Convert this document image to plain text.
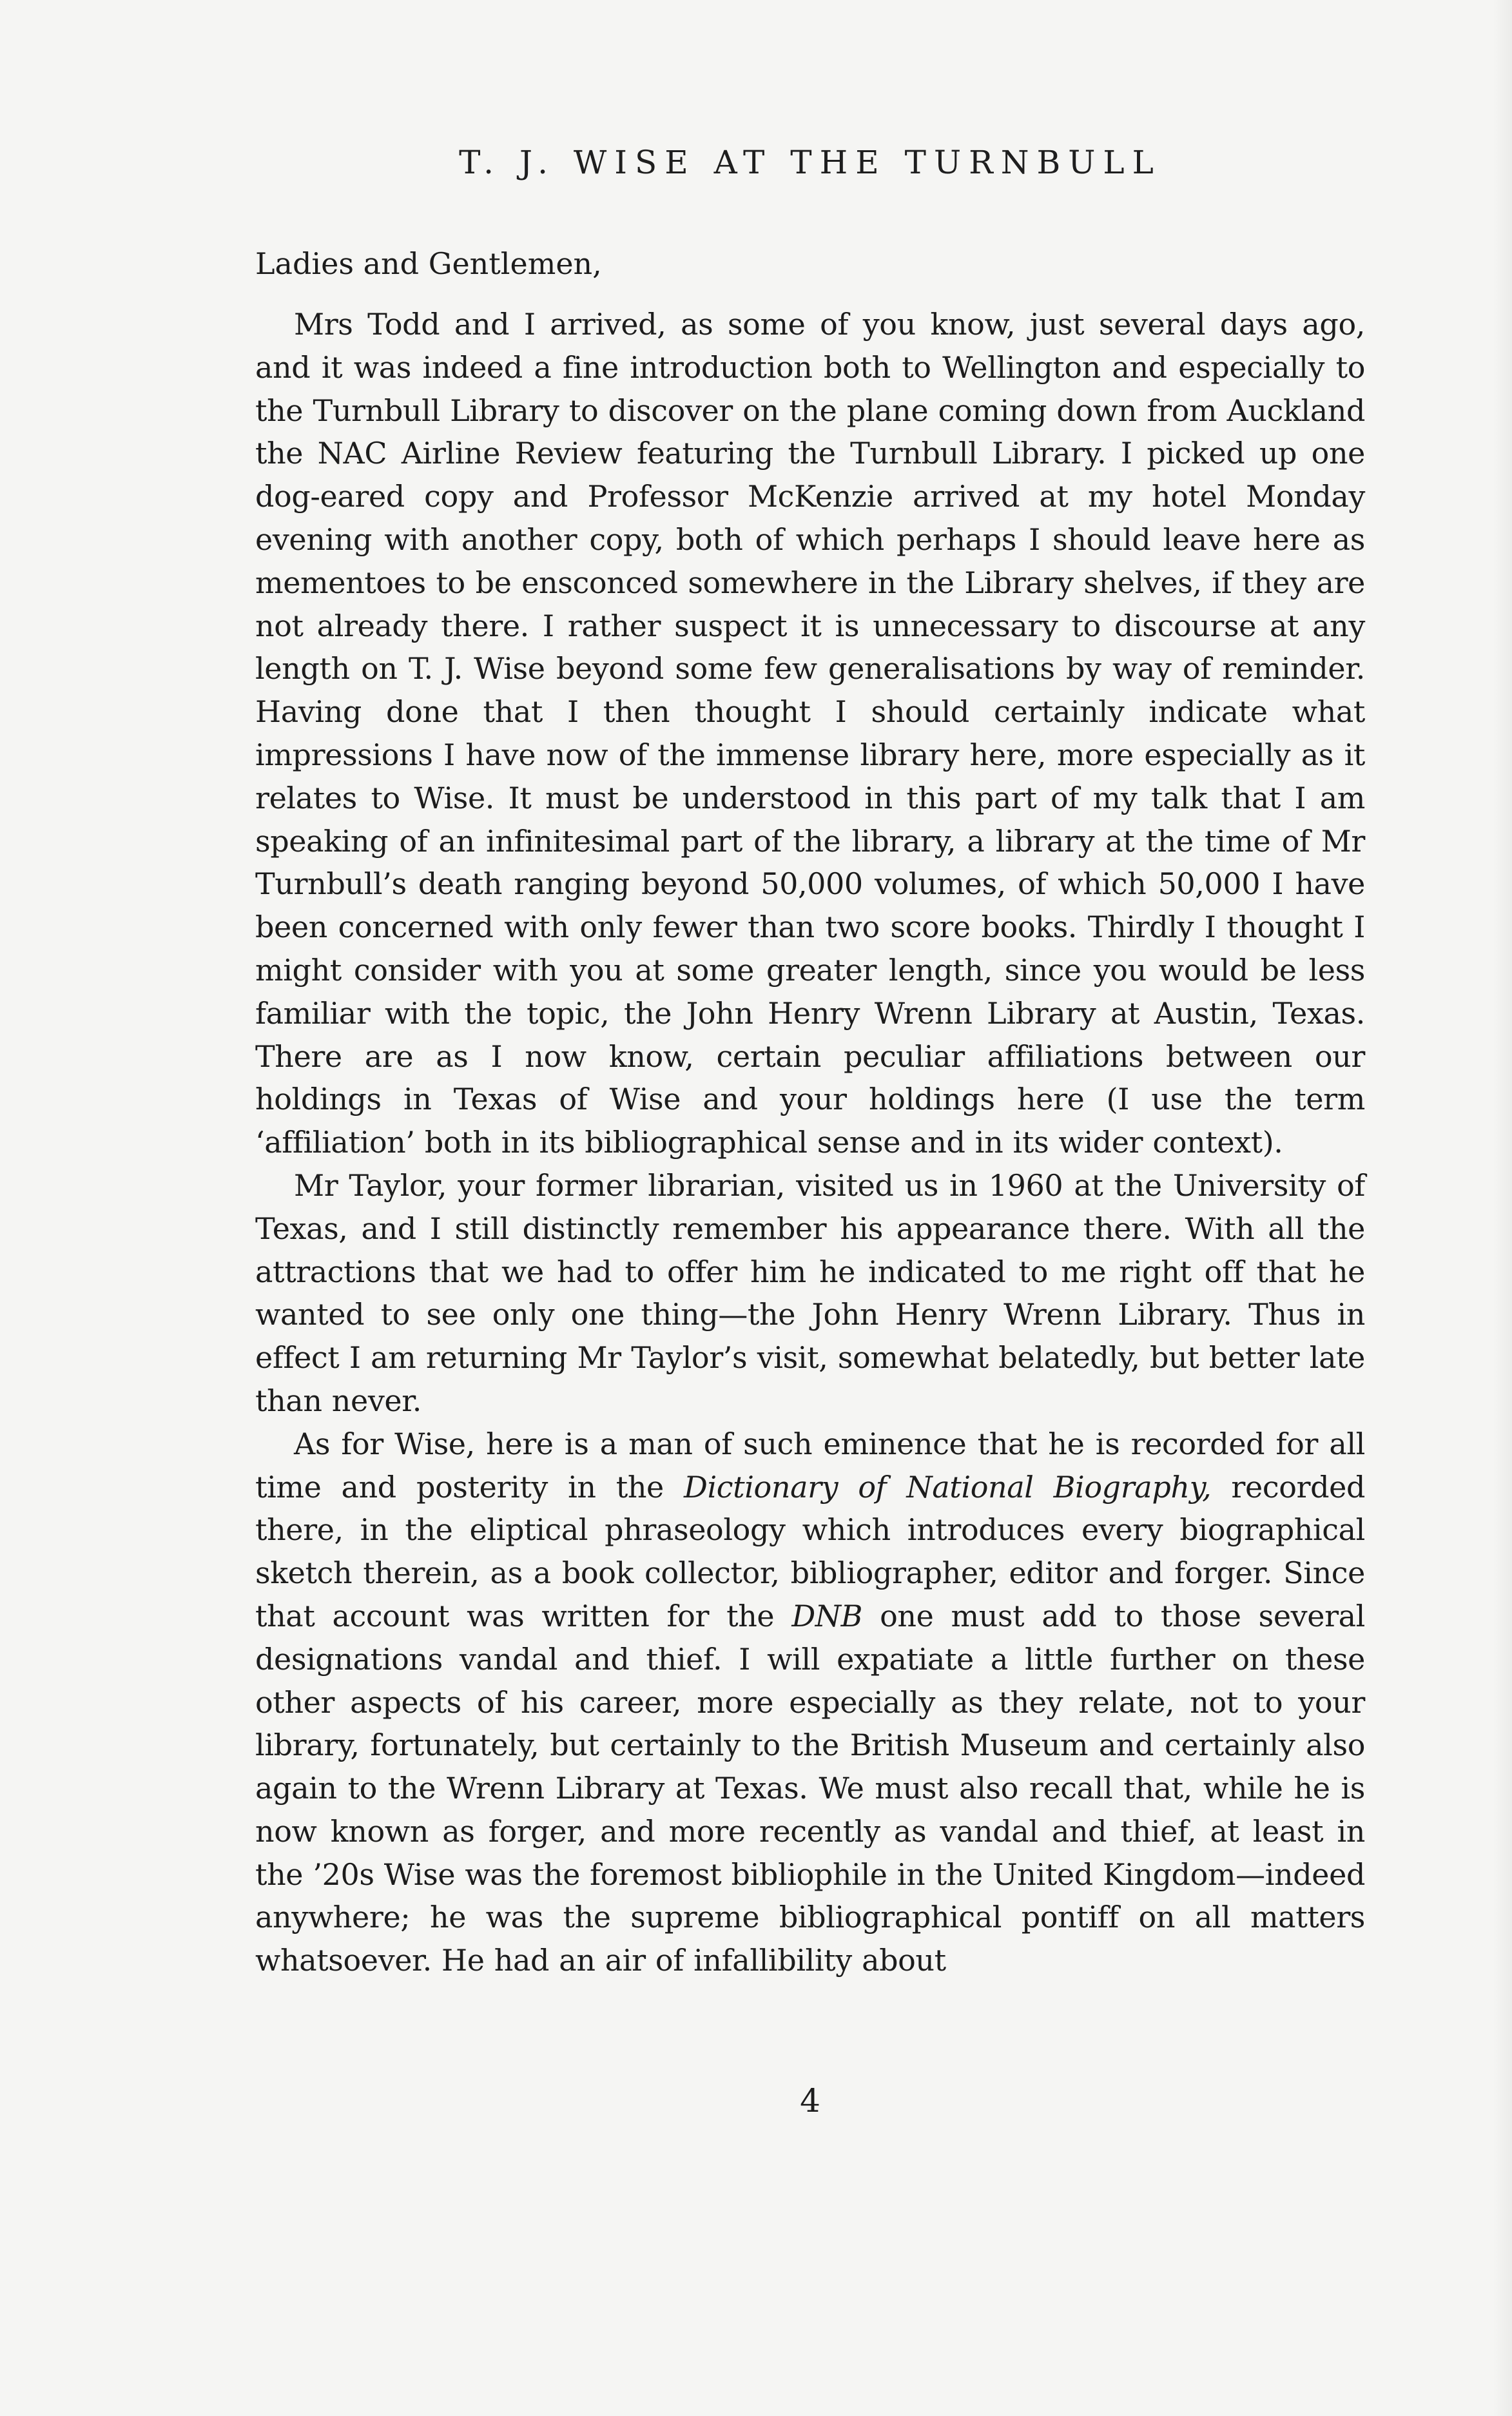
T. J. WISE AT THE TURNBULL
Ladies and Gentlemen,

Mrs Todd and I arrived, as some of you know, just several days ago, and it was indeed a fine introduction both to Wellington and especially to the Turnbull Library to discover on the plane coming down from Auckland the NAC Airline Review featuring the Turnbull Library. I picked up one dog-eared copy and Professor McKenzie arrived at my hotel Monday evening with another copy, both of which perhaps I should leave here as mementoes to be ensconced somewhere in the Library shelves, if they are not already there. I rather suspect it is unnecessary to discourse at any length on T. J. Wise beyond some few generalisations by way of reminder. Having done that I then thought I should certainly indicate what impressions I have now of the immense library here, more especially as it relates to Wise. It must be understood in this part of my talk that I am speaking of an infinitesimal part of the library, a library at the time of Mr Turnbull’s death ranging beyond 50,000 volumes, of which 50,000 I have been concerned with only fewer than two score books. Thirdly I thought I might consider with you at some greater length, since you would be less familiar with the topic, the John Henry Wrenn Library at Austin, Texas. There are as I now know, certain peculiar affiliations between our holdings in Texas of Wise and your holdings here (I use the term ‘affiliation’ both in its bibliographical sense and in its wider context).

Mr Taylor, your former librarian, visited us in 1960 at the University of Texas, and I still distinctly remember his appearance there. With all the attractions that we had to offer him he indicated to me right off that he wanted to see only one thing—the John Henry Wrenn Library. Thus in effect I am returning Mr Taylor’s visit, somewhat belatedly, but better late than never.

As for Wise, here is a man of such eminence that he is recorded for all time and posterity in the Dictionary of National Biography, recorded there, in the eliptical phraseology which introduces every biographical sketch therein, as a book collector, bibliographer, editor and forger. Since that account was written for the DNB one must add to those several designations vandal and thief. I will expatiate a little further on these other aspects of his career, more especially as they relate, not to your library, fortunately, but certainly to the British Museum and certainly also again to the Wrenn Library at Texas. We must also recall that, while he is now known as forger, and more recently as vandal and thief, at least in the ’20s Wise was the foremost bibliophile in the United Kingdom—indeed anywhere; he was the supreme bibliographical pontiff on all matters whatsoever. He had an air of infallibility about

4
